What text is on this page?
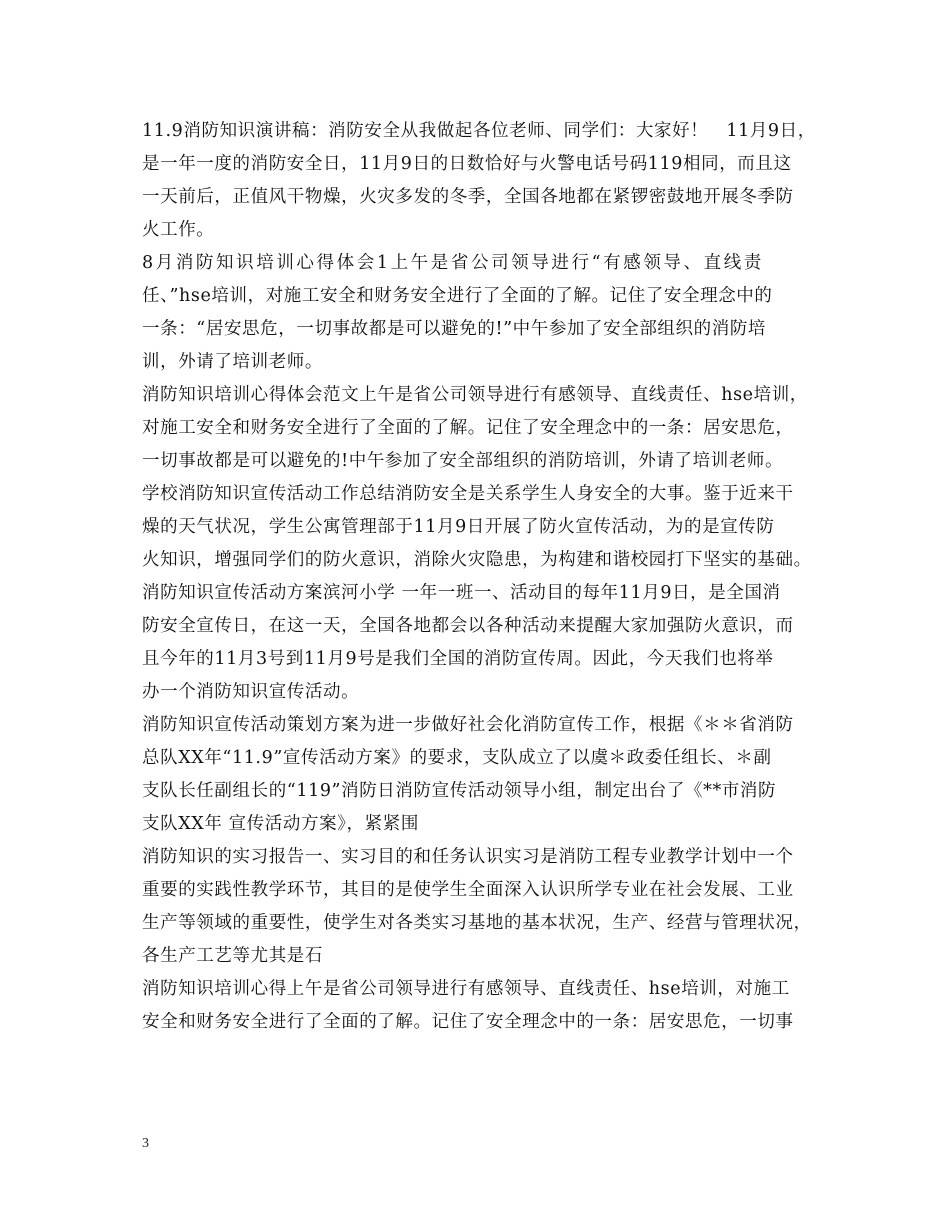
11.9消防知识演讲稿：消防安全从我做起各位老师、同学们：大家好！　11月9日，
是一年一度的消防安全日，11月9日的日数恰好与火警电话号码119相同，而且这
一天前后，正值风干物燥，火灾多发的冬季，全国各地都在紧锣密鼓地开展冬季防
火工作。
8月消防知识培训心得体会1上午是省公司领导进行“有感领导、直线责
任、”hse培训，对施工安全和财务安全进行了全面的了解。记住了安全理念中的
一条：“居安思危，一切事故都是可以避免的!”中午参加了安全部组织的消防培
训，外请了培训老师。
消防知识培训心得体会范文上午是省公司领导进行有感领导、直线责任、hse培训，
对施工安全和财务安全进行了全面的了解。记住了安全理念中的一条：居安思危，
一切事故都是可以避免的!中午参加了安全部组织的消防培训，外请了培训老师。
学校消防知识宣传活动工作总结消防安全是关系学生人身安全的大事。鉴于近来干
燥的天气状况，学生公寓管理部于11月9日开展了防火宣传活动，为的是宣传防
火知识，增强同学们的防火意识，消除火灾隐患，为构建和谐校园打下坚实的基础。
消防知识宣传活动方案滨河小学 一年一班一、活动目的每年11月9日，是全国消
防安全宣传日，在这一天，全国各地都会以各种活动来提醒大家加强防火意识，而
且今年的11月3号到11月9号是我们全国的消防宣传周。因此，今天我们也将举
办一个消防知识宣传活动。
消防知识宣传活动策划方案为进一步做好社会化消防宣传工作，根据《＊＊省消防
总队XX年“11.9”宣传活动方案》的要求，支队成立了以虞＊政委任组长、＊副
支队长任副组长的“119”消防日消防宣传活动领导小组，制定出台了《**市消防
支队XX年 宣传活动方案》，紧紧围
消防知识的实习报告一、实习目的和任务认识实习是消防工程专业教学计划中一个
重要的实践性教学环节，其目的是使学生全面深入认识所学专业在社会发展、工业
生产等领域的重要性，使学生对各类实习基地的基本状况，生产、经营与管理状况，
各生产工艺等尤其是石
消防知识培训心得上午是省公司领导进行有感领导、直线责任、hse培训，对施工
安全和财务安全进行了全面的了解。记住了安全理念中的一条：居安思危，一切事
3
